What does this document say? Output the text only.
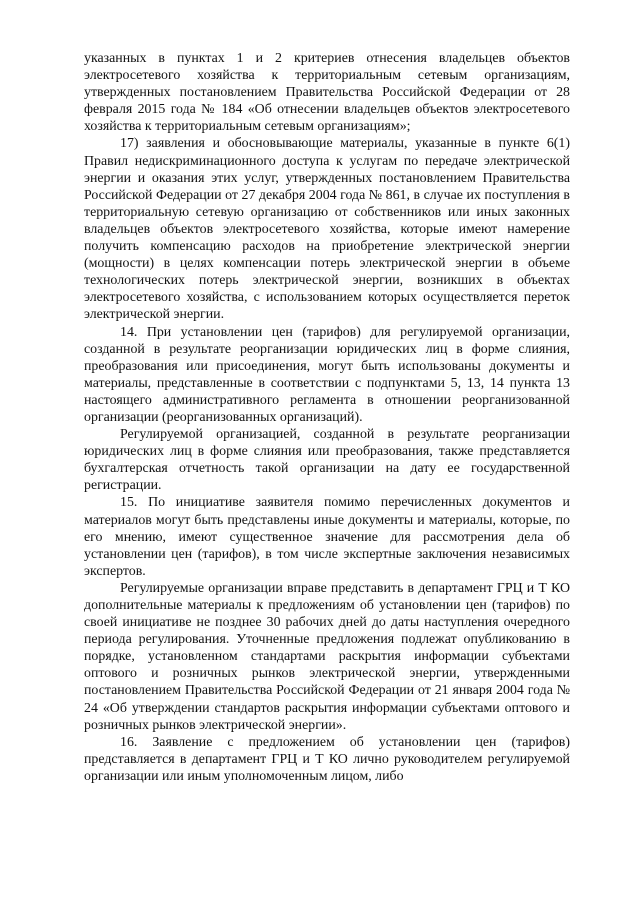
указанных в пунктах 1 и 2 критериев отнесения владельцев объектов электросетевого хозяйства к территориальным сетевым организациям, утвержденных постановлением Правительства Российской Федерации от 28 февраля 2015 года № 184 «Об отнесении владельцев объектов электросетевого хозяйства к территориальным сетевым организациям»;

17) заявления и обосновывающие материалы, указанные в пункте 6(1) Правил недискриминационного доступа к услугам по передаче электрической энергии и оказания этих услуг, утвержденных постановлением Правительства Российской Федерации от 27 декабря 2004 года № 861, в случае их поступления в территориальную сетевую организацию от собственников или иных законных владельцев объектов электросетевого хозяйства, которые имеют намерение получить компенсацию расходов на приобретение электрической энергии (мощности) в целях компенсации потерь электрической энергии в объеме технологических потерь электрической энергии, возникших в объектах электросетевого хозяйства, с использованием которых осуществляется переток электрической энергии.

14. При установлении цен (тарифов) для регулируемой организации, созданной в результате реорганизации юридических лиц в форме слияния, преобразования или присоединения, могут быть использованы документы и материалы, представленные в соответствии с подпунктами 5, 13, 14 пункта 13 настоящего административного регламента в отношении реорганизованной организации (реорганизованных организаций).

Регулируемой организацией, созданной в результате реорганизации юридических лиц в форме слияния или преобразования, также представляется бухгалтерская отчетность такой организации на дату ее государственной регистрации.

15. По инициативе заявителя помимо перечисленных документов и материалов могут быть представлены иные документы и материалы, которые, по его мнению, имеют существенное значение для рассмотрения дела об установлении цен (тарифов), в том числе экспертные заключения независимых экспертов.

Регулируемые организации вправе представить в департамент ГРЦ и Т КО дополнительные материалы к предложениям об установлении цен (тарифов) по своей инициативе не позднее 30 рабочих дней до даты наступления очередного периода регулирования. Уточненные предложения подлежат опубликованию в порядке, установленном стандартами раскрытия информации субъектами оптового и розничных рынков электрической энергии, утвержденными постановлением Правительства Российской Федерации от 21 января 2004 года № 24 «Об утверждении стандартов раскрытия информации субъектами оптового и розничных рынков электрической энергии».

16. Заявление с предложением об установлении цен (тарифов) представляется в департамент ГРЦ и Т КО лично руководителем регулируемой организации или иным уполномоченным лицом, либо
